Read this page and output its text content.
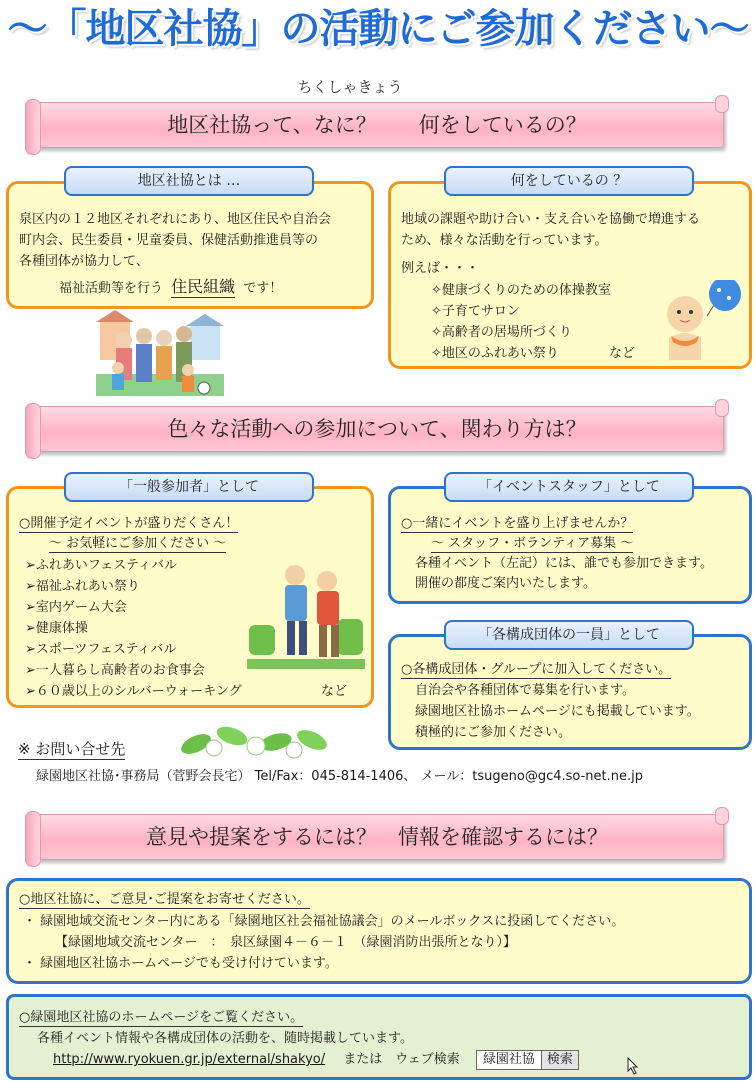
～「地区社協」の活動にご参加ください～
ちくしゃきょう
地区社協って、なに？　　何をしているの？
泉区内の１２地区それぞれにあり、地区住民や自治会
町内会、民生委員・児童委員、保健活動推進員等の
各種団体が協力して、
福祉活動等を行う 住民組織 です！
地区社協とは …
地域の課題や助け合い・支え合いを協働で増進する
ため、様々な活動を行っています。
例えば・・・
✧健康づくりのための体操教室
✧子育てサロン
✧高齢者の居場所づくり
✧地区のふれあい祭り	など
何をしているの ？
色々な活動への参加について、関わり方は？
○開催予定イベントが盛りだくさん！
～ お気軽にご参加ください ～
➢ふれあいフェスティバル
➢福祉ふれあい祭り
➢室内ゲーム大会
➢健康体操
➢スポーツフェスティバル
➢一人暮らし高齢者のお食事会
➢６０歳以上のシルバーウォーキング	など
「一般参加者」として
○一緒にイベントを盛り上げませんか？
～ スタッフ・ボランティア募集 ～
各種イベント（左記）には、誰でも参加できます。
開催の都度ご案内いたします。
「イベントスタッフ」として
○各構成団体・グループに加入してください。
自治会や各種団体で募集を行います。
緑園地区社協ホームページにも掲載しています。
積極的にご参加ください。
「各構成団体の一員」として
※ お問い合せ先
緑園地区社協･事務局（菅野会長宅） Tel/Fax：045-814-1406、 メール：tsugeno@gc4.so-net.ne.jp
意見や提案をするには？　情報を確認するには？
○地区社協に、ご意見･ご提案をお寄せください。
・ 緑園地域交流センター内にある「緑園地区社会福祉協議会」のメールボックスに投函してください。
【緑園地域交流センター　：　泉区緑園４－６－１　（緑園消防出張所となり）】
・ 緑園地区社協ホームページでも受け付けています。
○緑園地区社協のホームページをご覧ください。
各種イベント情報や各構成団体の活動を、随時掲載しています。
http://www.ryokuen.gr.jp/external/shakyo/ または　ウェブ検索 緑園社協 検索
